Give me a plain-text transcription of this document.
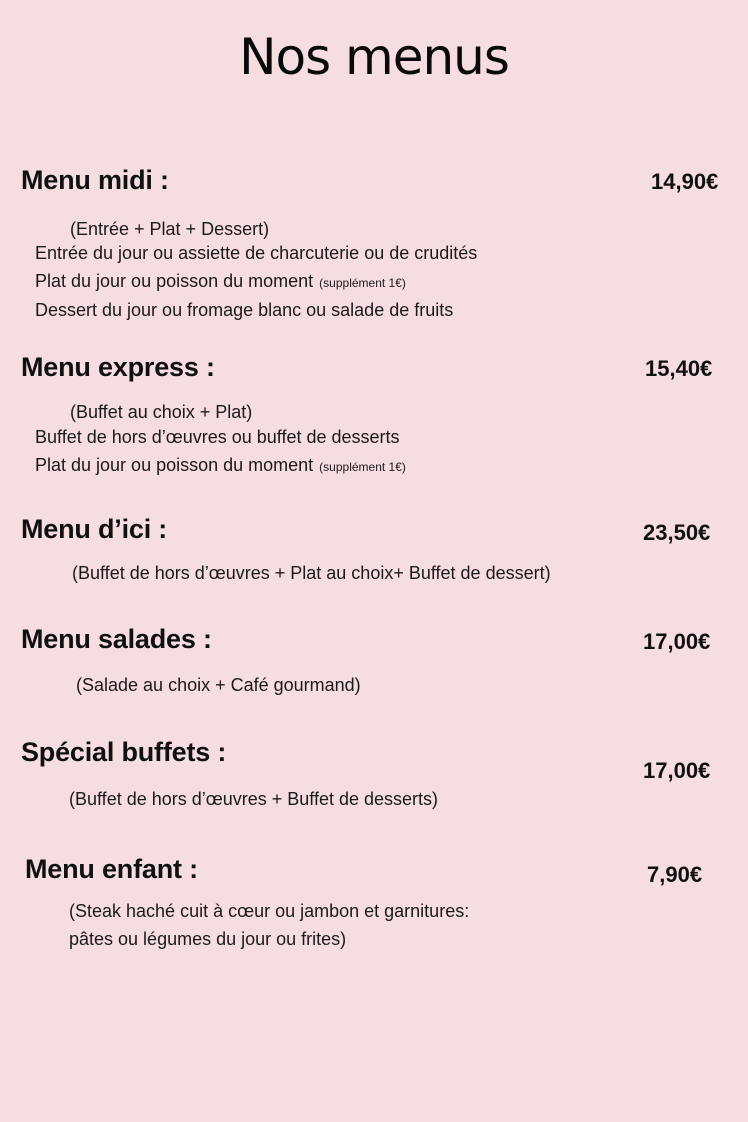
Nos menus
Menu midi :	14,90€
(Entrée + Plat + Dessert)
Entrée du jour ou assiette de charcuterie ou de crudités
Plat du jour ou poisson du moment (supplément 1€)
Dessert du jour ou fromage blanc ou salade de fruits
Menu express :	15,40€
(Buffet au choix + Plat)
Buffet de hors d’œuvres ou buffet de desserts
Plat du jour ou poisson du moment (supplément 1€)
Menu d’ici :	23,50€
(Buffet de hors d’œuvres + Plat au choix+ Buffet de dessert)
Menu salades :	17,00€
(Salade au choix + Café gourmand)
Spécial buffets :
17,00€
(Buffet de hors d’œuvres + Buffet de desserts)
Menu enfant :	7,90€
(Steak haché cuit à cœur ou jambon et garnitures:
pâtes ou légumes du jour ou frites)
